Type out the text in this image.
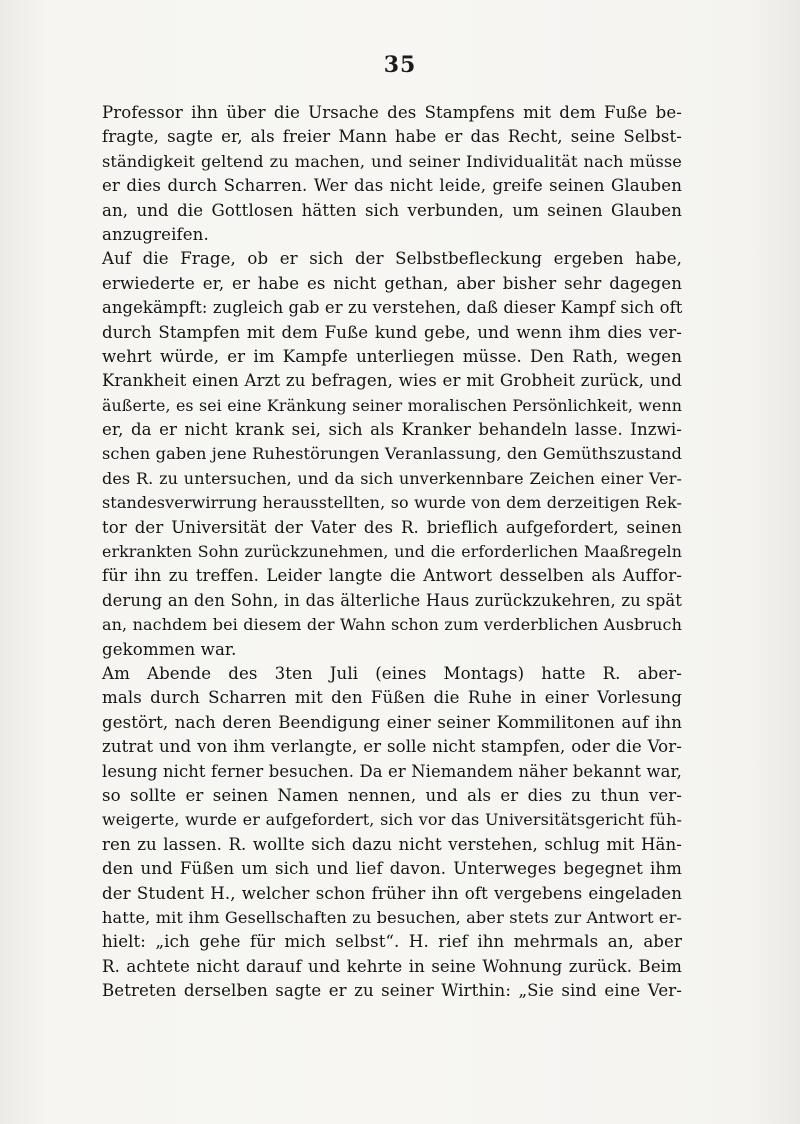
35
Professor ihn über die Ursache des Stampfens mit dem Fuße be-
fragte, sagte er, als freier Mann habe er das Recht, seine Selbst-
ständigkeit geltend zu machen, und seiner Individualität nach müsse
er dies durch Scharren. Wer das nicht leide, greife seinen Glauben
an, und die Gottlosen hätten sich verbunden, um seinen Glauben
anzugreifen.
Auf die Frage, ob er sich der Selbstbefleckung ergeben habe,
erwiederte er, er habe es nicht gethan, aber bisher sehr dagegen
angekämpft: zugleich gab er zu verstehen, daß dieser Kampf sich oft
durch Stampfen mit dem Fuße kund gebe, und wenn ihm dies ver-
wehrt würde, er im Kampfe unterliegen müsse. Den Rath, wegen
Krankheit einen Arzt zu befragen, wies er mit Grobheit zurück, und
äußerte, es sei eine Kränkung seiner moralischen Persönlichkeit, wenn
er, da er nicht krank sei, sich als Kranker behandeln lasse. Inzwi-
schen gaben jene Ruhestörungen Veranlassung, den Gemüthszustand
des R. zu untersuchen, und da sich unverkennbare Zeichen einer Ver-
standesverwirrung herausstellten, so wurde von dem derzeitigen Rek-
tor der Universität der Vater des R. brieflich aufgefordert, seinen
erkrankten Sohn zurückzunehmen, und die erforderlichen Maaßregeln
für ihn zu treffen. Leider langte die Antwort desselben als Auffor-
derung an den Sohn, in das älterliche Haus zurückzukehren, zu spät
an, nachdem bei diesem der Wahn schon zum verderblichen Ausbruch
gekommen war.
Am Abende des 3ten Juli (eines Montags) hatte R. aber-
mals durch Scharren mit den Füßen die Ruhe in einer Vorlesung
gestört, nach deren Beendigung einer seiner Kommilitonen auf ihn
zutrat und von ihm verlangte, er solle nicht stampfen, oder die Vor-
lesung nicht ferner besuchen. Da er Niemandem näher bekannt war,
so sollte er seinen Namen nennen, und als er dies zu thun ver-
weigerte, wurde er aufgefordert, sich vor das Universitätsgericht füh-
ren zu lassen. R. wollte sich dazu nicht verstehen, schlug mit Hän-
den und Füßen um sich und lief davon. Unterweges begegnet ihm
der Student H., welcher schon früher ihn oft vergebens eingeladen
hatte, mit ihm Gesellschaften zu besuchen, aber stets zur Antwort er-
hielt: „ich gehe für mich selbst“. H. rief ihn mehrmals an, aber
R. achtete nicht darauf und kehrte in seine Wohnung zurück. Beim
Betreten derselben sagte er zu seiner Wirthin: „Sie sind eine Ver-
